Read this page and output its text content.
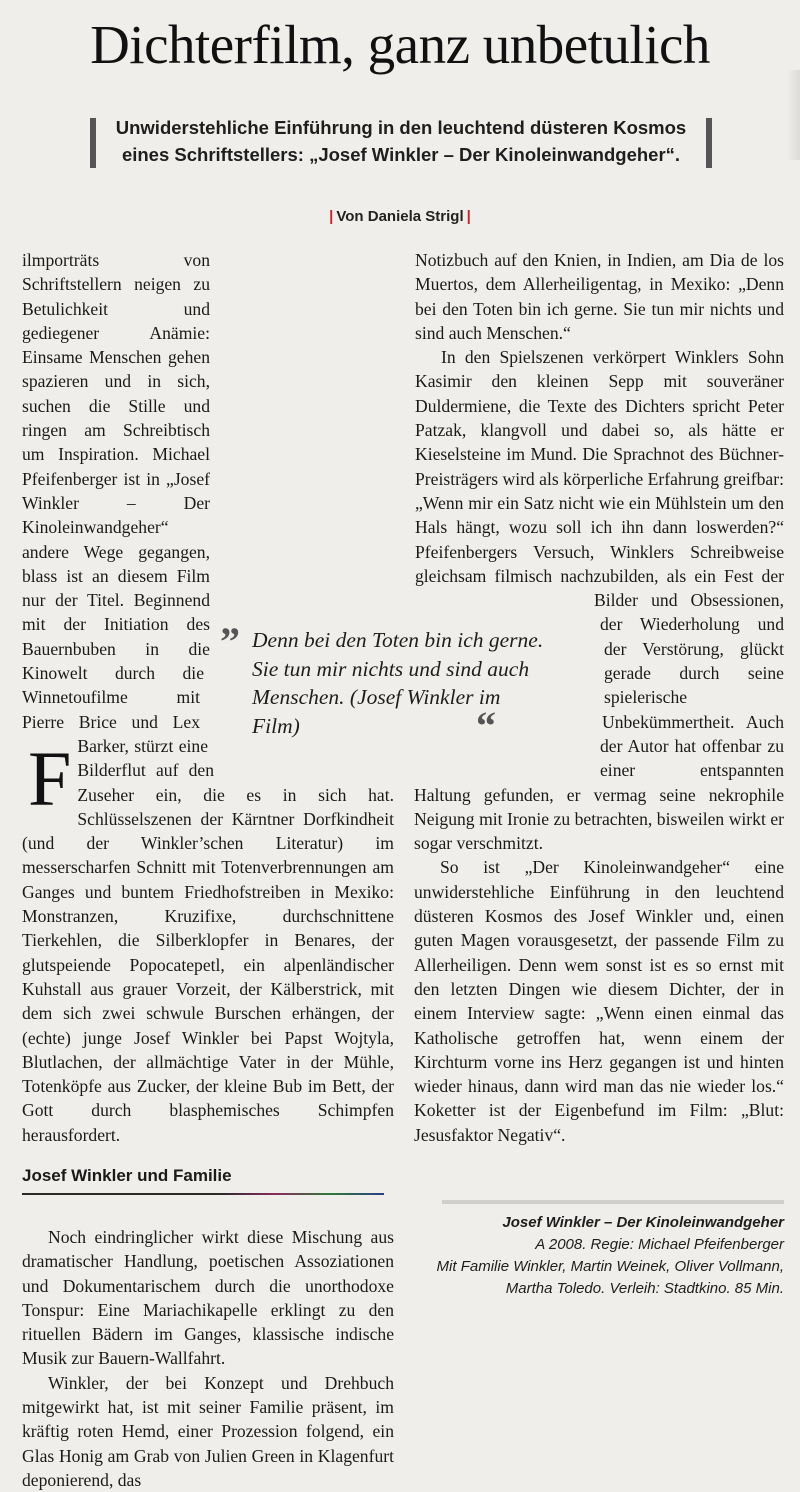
Dichterfilm, ganz unbetulich
Unwiderstehliche Einführung in den leuchtend düsteren Kosmos
eines Schriftstellers: „Josef Winkler – Der Kinoleinwandgeher“.
| Von Daniela Strigl |
F

ilmporträts von Schriftstellern neigen zu Betulichkeit und gediegener Anämie: Einsame Menschen gehen spazieren und in sich, suchen die Stille und ringen am Schreibtisch um Inspiration. Michael Pfeifenberger ist in „Josef Winkler – Der Kinoleinwandgeher“ andere Wege gegangen, blass ist an diesem Film nur der Titel. Beginnend mit der Initiation des Bauernbuben in die Kinowelt durch die Winnetoufilme mit Pierre Brice und Lex Barker, stürzt eine Bilderflut auf den Zuseher ein, die es in sich hat. Schlüsselszenen der Kärntner Dorfkindheit (und der Winkler’schen Literatur) im messerscharfen Schnitt mit Totenverbrennungen am Ganges und buntem Friedhofstreiben in Mexiko: Monstranzen, Kruzifixe, durchschnittene Tierkehlen, die Silberklopfer in Benares, der glutspeiende Popocatepetl, ein alpenländischer Kuhstall aus grauer Vorzeit, der Kälberstrick, mit dem sich zwei schwule Burschen erhängen, der (echte) junge Josef Winkler bei Papst Wojtyla, Blutlachen, der allmächtige Vater in der Mühle, Totenköpfe aus Zucker, der kleine Bub im Bett, der Gott durch blasphemisches Schimpfen herausfordert.

Josef Winkler und Familie

Noch eindringlicher wirkt diese Mischung aus dramatischer Handlung, poetischen Assoziationen und Dokumentarischem durch die unorthodoxe Tonspur: Eine Mariachikapelle erklingt zu den rituellen Bädern im Ganges, klassische indische Musik zur Bauern-Wallfahrt.

Winkler, der bei Konzept und Drehbuch mitgewirkt hat, ist mit seiner Familie präsent, im kräftig roten Hemd, einer Prozession folgend, ein Glas Honig am Grab von Julien Green in Klagenfurt deponierend, das

Notizbuch auf den Knien, in Indien, am Dia de los Muertos, dem Allerheiligentag, in Mexiko: „Denn bei den Toten bin ich gerne. Sie tun mir nichts und sind auch Menschen.“

In den Spielszenen verkörpert Winklers Sohn Kasimir den kleinen Sepp mit souveräner Duldermiene, die Texte des Dichters spricht Peter Patzak, klangvoll und dabei so, als hätte er Kieselsteine im Mund. Die Sprachnot des Büchner-Preisträgers wird als körperliche Erfahrung greifbar: „Wenn mir ein Satz nicht wie ein Mühlstein um den Hals hängt, wozu soll ich ihn dann loswerden?“ Pfeifenbergers Versuch, Winklers Schreibweise gleichsam filmisch nachzubilden, als ein Fest der Bilder und Obsessionen, der Wiederholung und der Verstörung, glückt gerade durch seine spielerische Unbekümmertheit. Auch der Autor hat offenbar zu einer entspannten Haltung gefunden, er vermag seine nekrophile Neigung mit Ironie zu betrachten, bisweilen wirkt er sogar verschmitzt.

So ist „Der Kinoleinwandgeher“ eine unwiderstehliche Einführung in den leuchtend düsteren Kosmos des Josef Winkler und, einen guten Magen vorausgesetzt, der passende Film zu Allerheiligen. Denn wem sonst ist es so ernst mit den letzten Dingen wie diesem Dichter, der in einem Interview sagte: „Wenn einen einmal das Katholische getroffen hat, wenn einem der Kirchturm vorne ins Herz gegangen ist und hinten wieder hinaus, dann wird man das nie wieder los.“ Koketter ist der Eigenbefund im Film: „Blut: Jesusfaktor Negativ“.

” Denn bei den Toten bin ich gerne. Sie tun mir nichts und sind auch Menschen. (Josef Winkler im Film)	“
Josef Winkler – Der Kinoleinwandgeher
A 2008. Regie: Michael Pfeifenberger
Mit Familie Winkler, Martin Weinek, Oliver Vollmann, Martha Toledo. Verleih: Stadtkino. 85 Min.
